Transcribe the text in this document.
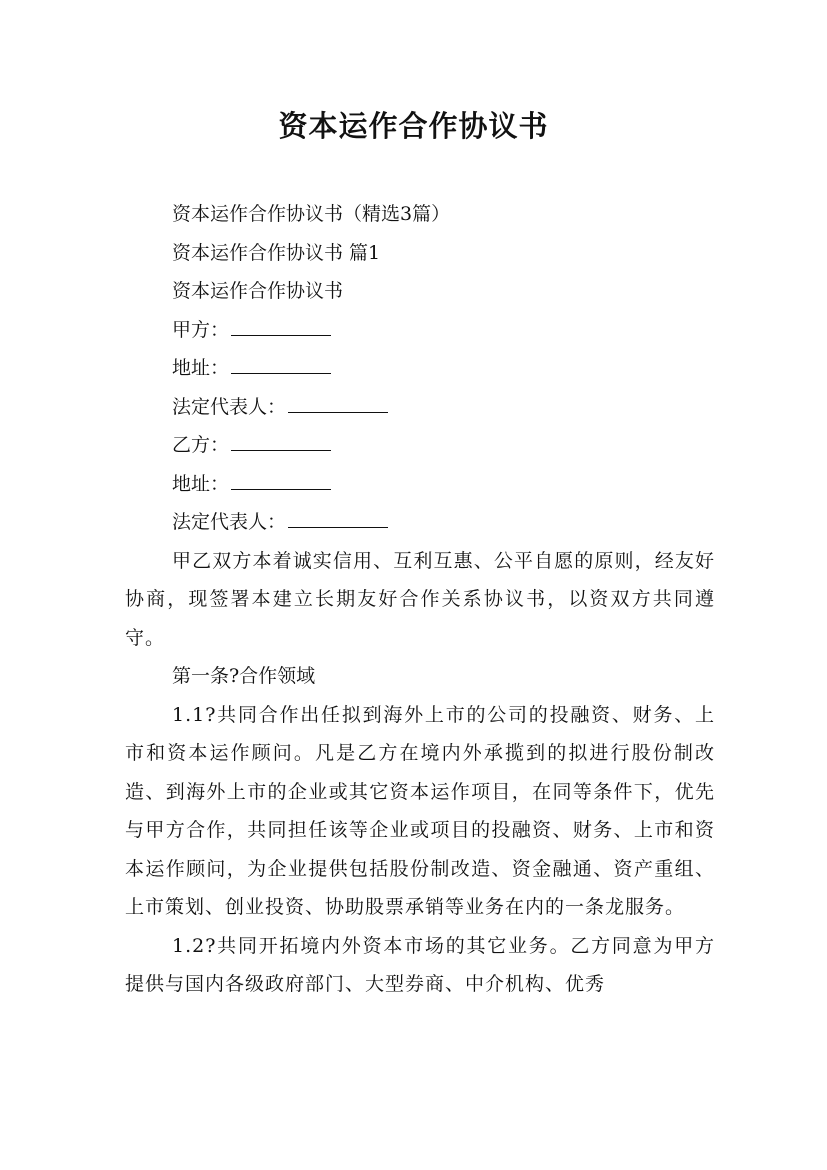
资本运作合作协议书

资本运作合作协议书（精选3篇）

资本运作合作协议书 篇1

资本运作合作协议书

甲方：

地址：

法定代表人：

乙方：

地址：

法定代表人：

甲乙双方本着诚实信用、互利互惠、公平自愿的原则，经友好协商，现签署本建立长期友好合作关系协议书，以资双方共同遵守。

第一条?合作领域

1.1?共同合作出任拟到海外上市的公司的投融资、财务、上市和资本运作顾问。凡是乙方在境内外承揽到的拟进行股份制改造、到海外上市的企业或其它资本运作项目，在同等条件下，优先与甲方合作，共同担任该等企业或项目的投融资、财务、上市和资本运作顾问，为企业提供包括股份制改造、资金融通、资产重组、上市策划、创业投资、协助股票承销等业务在内的一条龙服务。

1.2?共同开拓境内外资本市场的其它业务。乙方同意为甲方提供与国内各级政府部门、大型券商、中介机构、优秀
